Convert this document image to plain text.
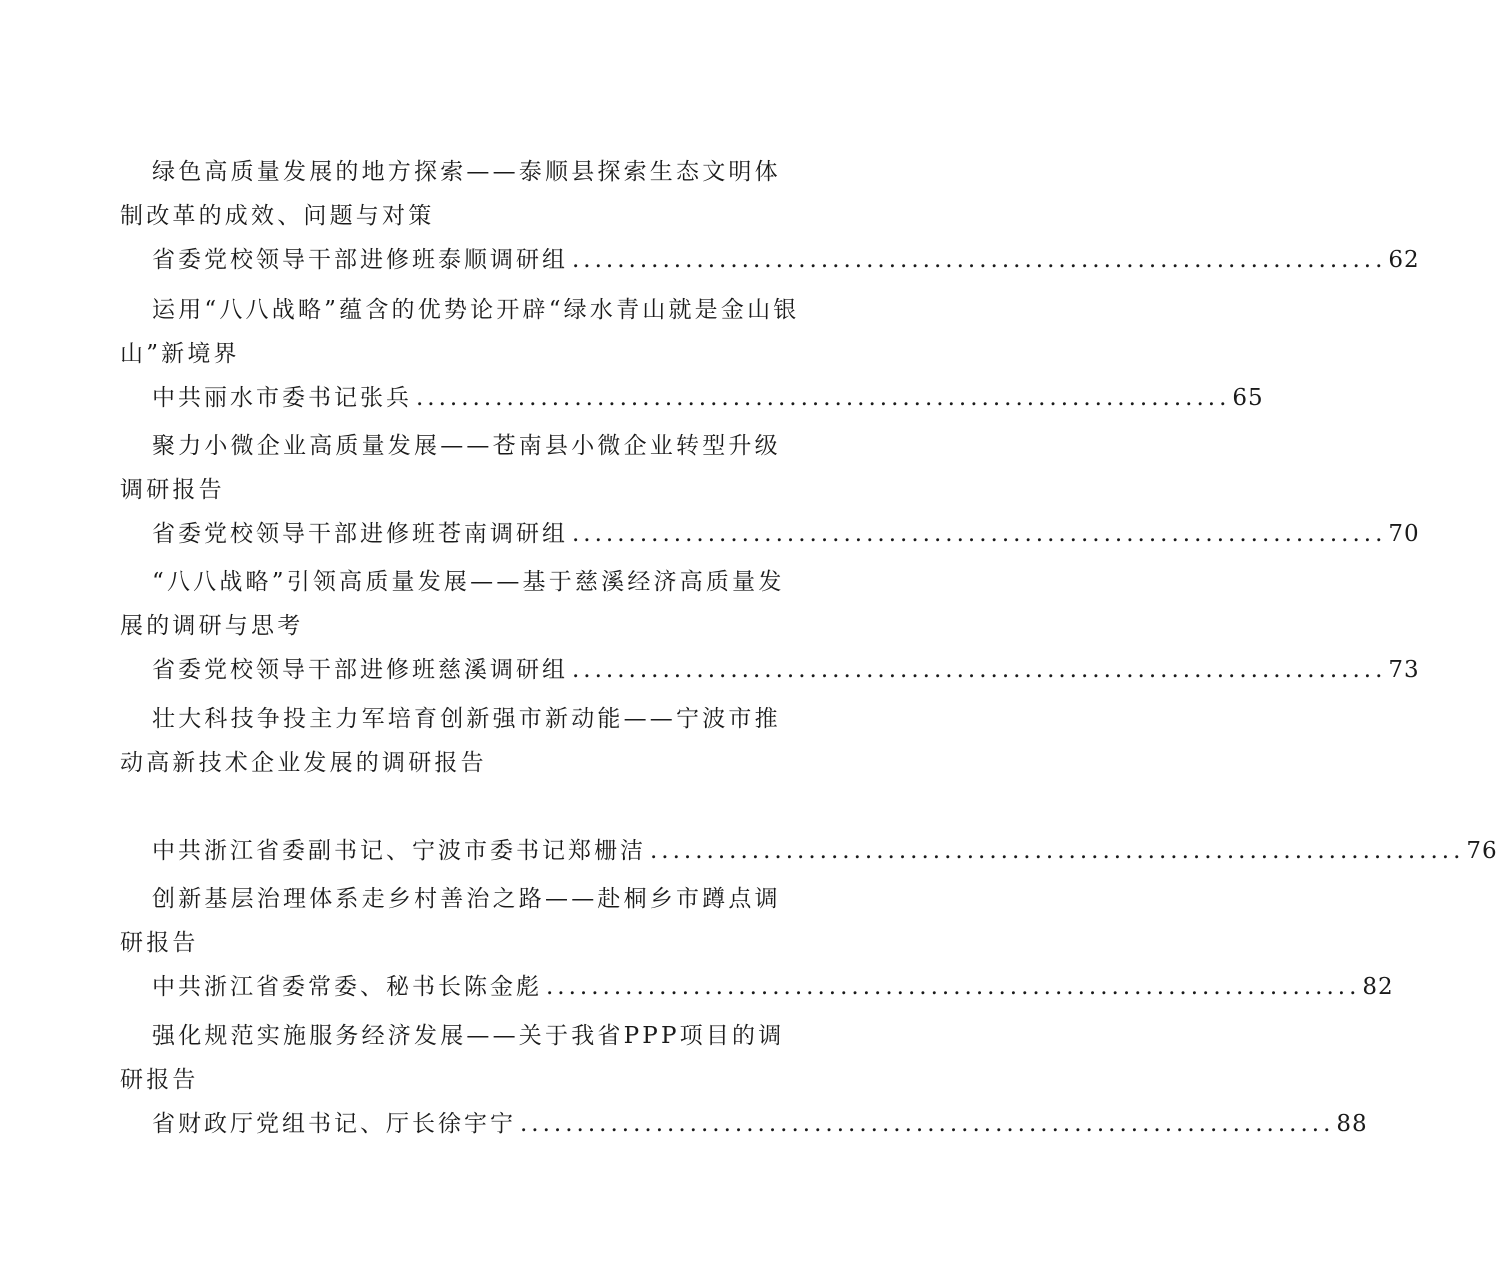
绿色高质量发展的地方探索——泰顺县探索生态文明体制改革的成效、问题与对策

省委党校领导干部进修班泰顺调研组 ........................................................................ 62

运用“八八战略”蕴含的优势论开辟“绿水青山就是金山银山”新境界

中共丽水市委书记张兵 ........................................................................ 65

聚力小微企业高质量发展——苍南县小微企业转型升级调研报告

省委党校领导干部进修班苍南调研组 ........................................................................ 70

“八八战略”引领高质量发展——基于慈溪经济高质量发展的调研与思考

省委党校领导干部进修班慈溪调研组 ........................................................................ 73

壮大科技争投主力军培育创新强市新动能——宁波市推动高新技术企业发展的调研报告

中共浙江省委副书记、宁波市委书记郑栅洁 ........................................................................ 76

创新基层治理体系走乡村善治之路——赴桐乡市蹲点调研报告

中共浙江省委常委、秘书长陈金彪 ........................................................................ 82

强化规范实施服务经济发展——关于我省PPP项目的调研报告

省财政厅党组书记、厅长徐宇宁 ........................................................................ 88
